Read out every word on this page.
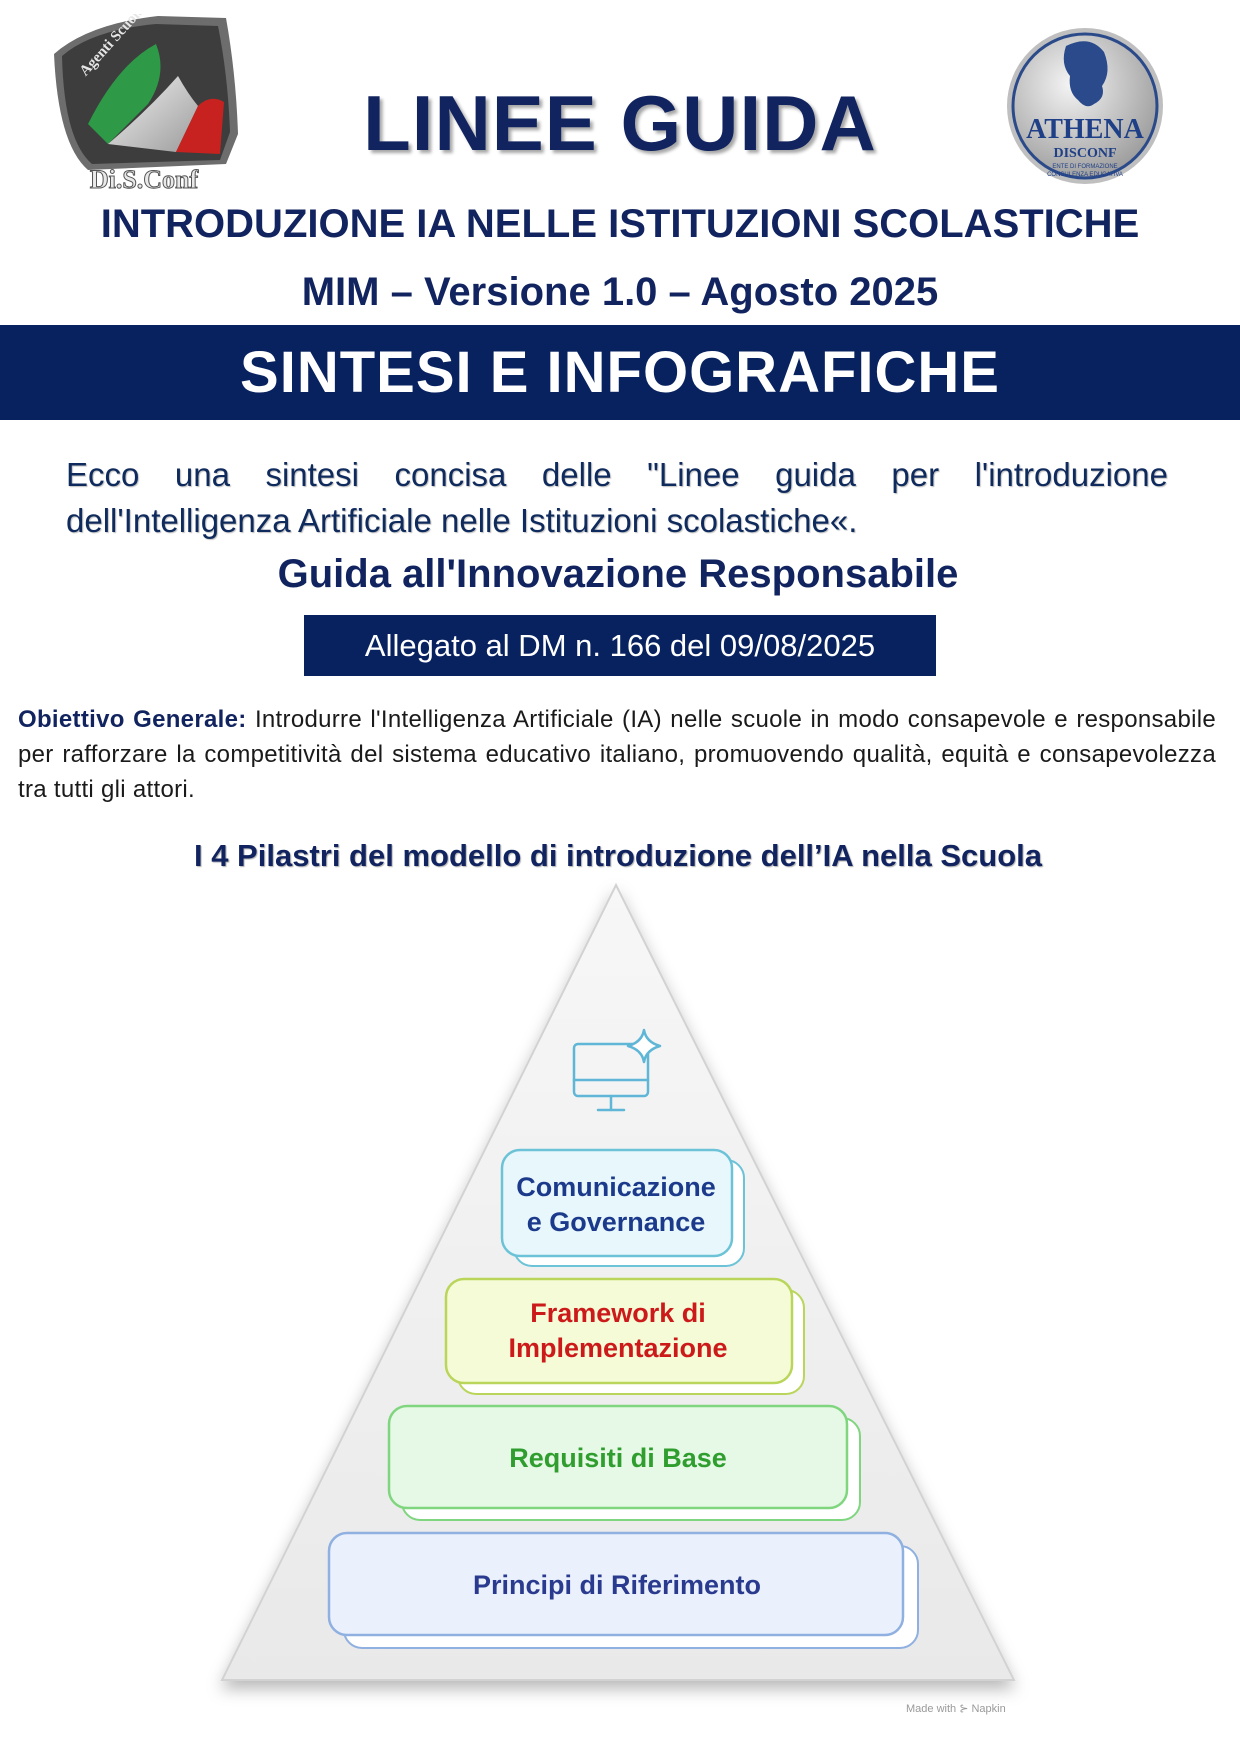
Di.S.Conf
ATHENA
DISCONF
ENTE DI FORMAZIONE
CONSULENZA EDUCATIVA
LINEE GUIDA
INTRODUZIONE IA NELLE ISTITUZIONI SCOLASTICHE
MIM – Versione 1.0 – Agosto 2025
SINTESI E INFOGRAFICHE
Ecco una sintesi concisa delle "Linee guida per l'introduzione dell'Intelligenza Artificiale nelle Istituzioni scolastiche«.
Guida all'Innovazione Responsabile
Allegato al DM n. 166 del 09/08/2025
Obiettivo Generale: Introdurre l'Intelligenza Artificiale (IA) nelle scuole in modo consapevole e responsabile per rafforzare la competitività del sistema educativo italiano, promuovendo qualità, equità e consapevolezza tra tutti gli attori.
I 4 Pilastri del modello di introduzione dell’IA nella Scuola
Comunicazione
e Governance
Framework di
Implementazione
Requisiti di Base
Principi di Riferimento
Made with ⊱ Napkin
